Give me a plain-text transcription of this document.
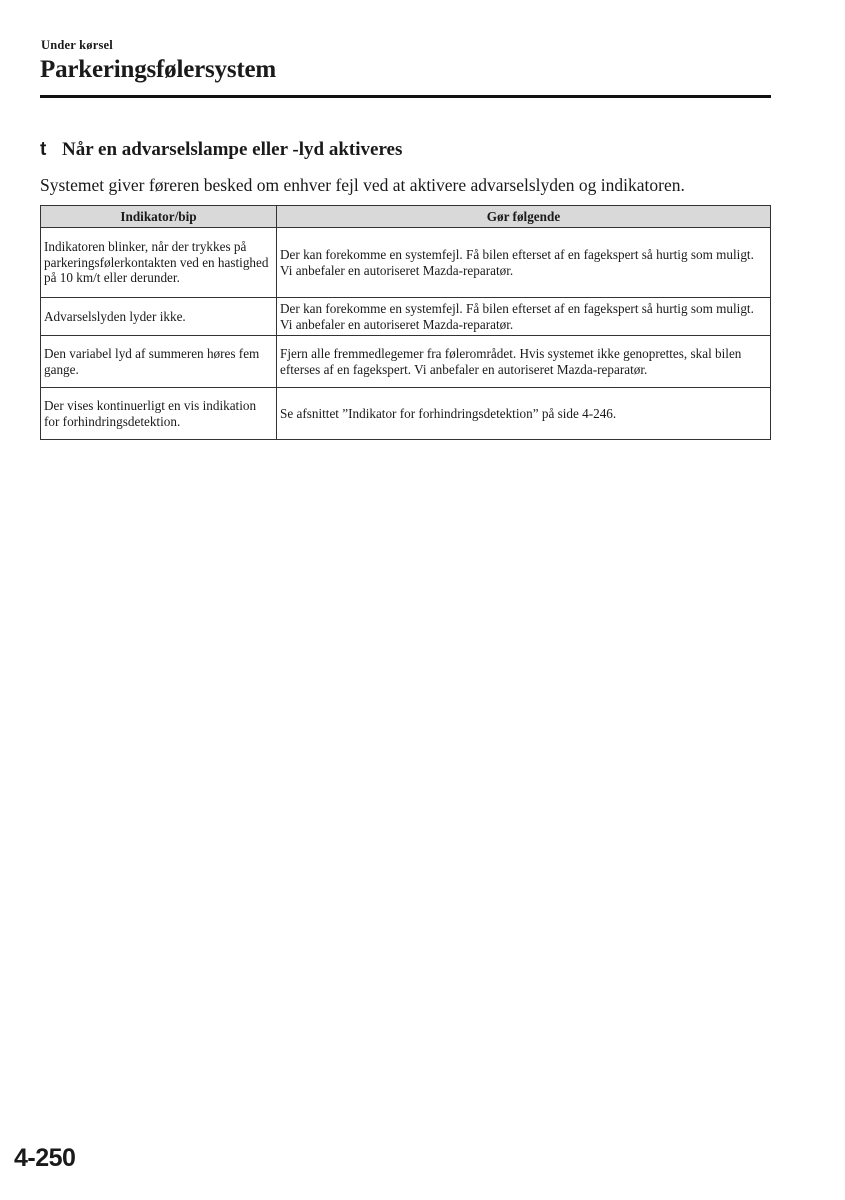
Under kørsel
Parkeringsfølersystem
t Når en advarselslampe eller -lyd aktiveres

Systemet giver føreren besked om enhver fejl ved at aktivere advarselslyden og indikatoren.

Indikator/bip	Gør følgende
Indikatoren blinker, når der trykkes på parkeringsfølerkontakten ved en hastighed på 10 km/t eller derunder.	Der kan forekomme en systemfejl. Få bilen efterset af en fagekspert så hurtig som muligt. Vi anbefaler en autoriseret Mazda-reparatør.
Advarselslyden lyder ikke.	Der kan forekomme en systemfejl. Få bilen efterset af en fagekspert så hurtig som muligt. Vi anbefaler en autoriseret Mazda-reparatør.
Den variabel lyd af summeren høres fem gange.	Fjern alle fremmedlegemer fra følerområdet. Hvis systemet ikke genoprettes, skal bilen efterses af en fagekspert. Vi anbefaler en autoriseret Mazda-reparatør.
Der vises kontinuerligt en vis indikation for forhindringsdetektion.	Se afsnittet ”Indikator for forhindringsdetektion” på side 4-246.
4-250
